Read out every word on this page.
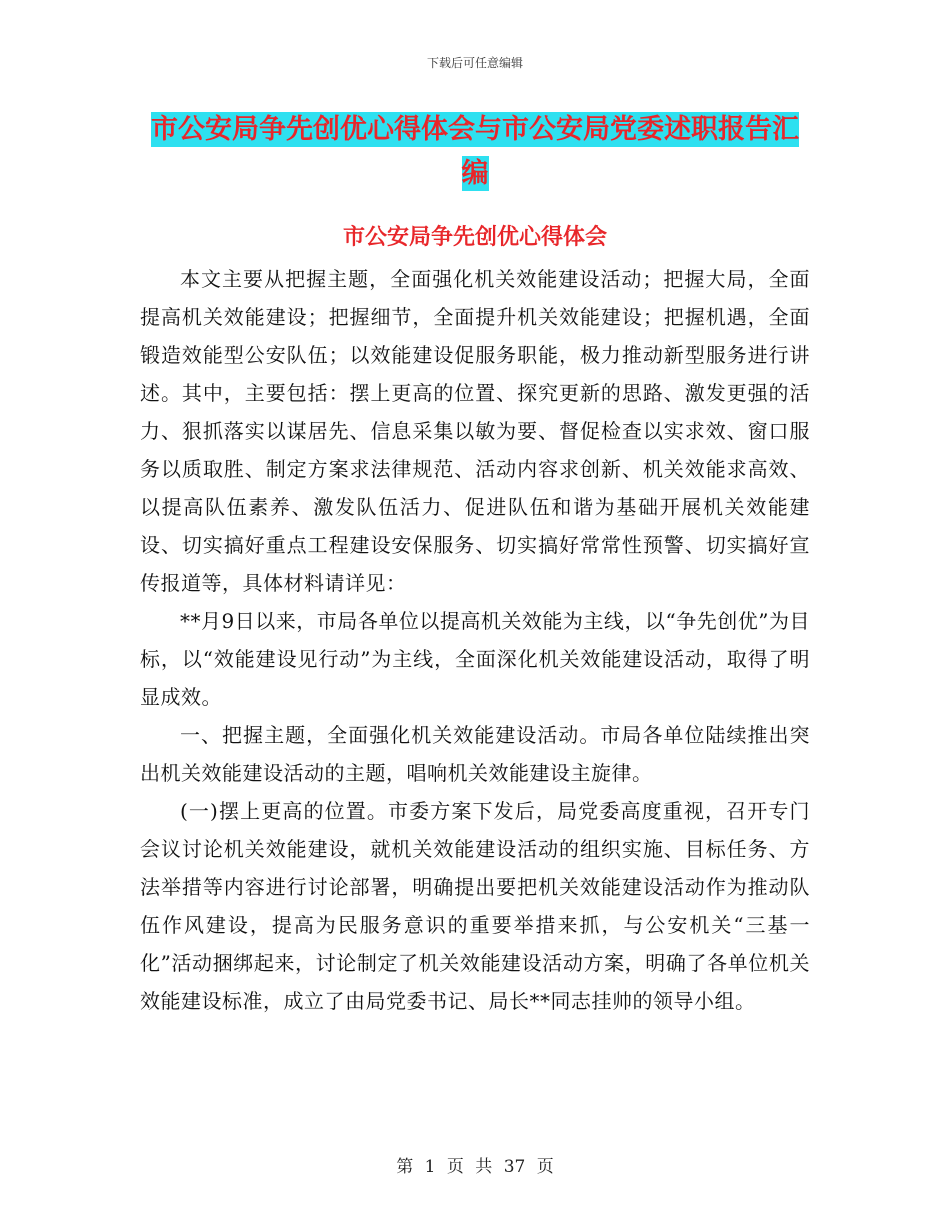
下载后可任意编辑
市公安局争先创优心得体会与市公安局党委述职报告汇编
市公安局争先创优心得体会

本文主要从把握主题，全面强化机关效能建设活动；把握大局，全面提高机关效能建设；把握细节，全面提升机关效能建设；把握机遇，全面锻造效能型公安队伍；以效能建设促服务职能，极力推动新型服务进行讲述。其中，主要包括：摆上更高的位置、探究更新的思路、激发更强的活力、狠抓落实以谋居先、信息采集以敏为要、督促检查以实求效、窗口服务以质取胜、制定方案求法律规范、活动内容求创新、机关效能求高效、以提高队伍素养、激发队伍活力、促进队伍和谐为基础开展机关效能建设、切实搞好重点工程建设安保服务、切实搞好常常性预警、切实搞好宣传报道等，具体材料请详见：

**月9日以来，市局各单位以提高机关效能为主线，以“争先创优”为目标，以“效能建设见行动”为主线，全面深化机关效能建设活动，取得了明显成效。

一、把握主题，全面强化机关效能建设活动。市局各单位陆续推出突出机关效能建设活动的主题，唱响机关效能建设主旋律。

(一)摆上更高的位置。市委方案下发后，局党委高度重视，召开专门会议讨论机关效能建设，就机关效能建设活动的组织实施、目标任务、方法举措等内容进行讨论部署，明确提出要把机关效能建设活动作为推动队伍作风建设，提高为民服务意识的重要举措来抓，与公安机关“三基一化”活动捆绑起来，讨论制定了机关效能建设活动方案，明确了各单位机关效能建设标准，成立了由局党委书记、局长**同志挂帅的领导小组。

第 1 页 共 37 页
